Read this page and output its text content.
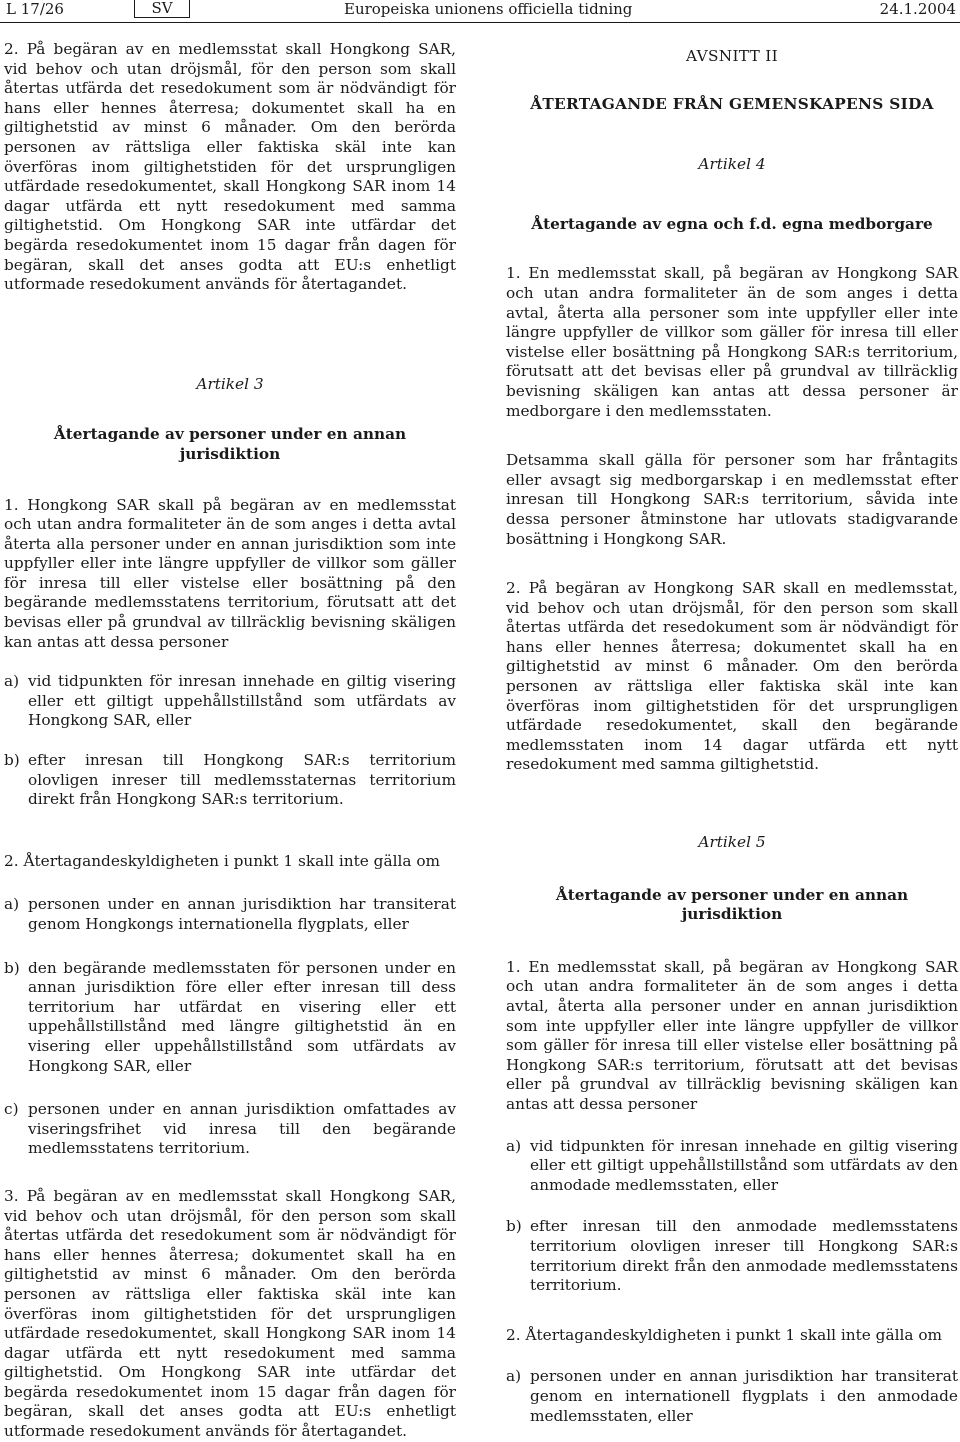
L 17/26	SV	Europeiska unionens officiella tidning	24.1.2004

2. På begäran av en medlemsstat skall Hongkong SAR, vid behov och utan dröjsmål, för den person som skall återtas utfärda det resedokument som är nödvändigt för hans eller hennes återresa; dokumentet skall ha en giltighetstid av minst 6 månader. Om den berörda personen av rättsliga eller faktiska skäl inte kan överföras inom giltighetstiden för det ursprungligen utfärdade resedokumentet, skall Hongkong SAR inom 14 dagar utfärda ett nytt resedokument med samma giltighetstid. Om Hongkong SAR inte utfärdar det begärda resedokumentet inom 15 dagar från dagen för begäran, skall det anses godta att EU:s enhetligt utformade resedokument används för återtagandet.

Artikel 3
Återtagande av personer under en annan jurisdiktion

1. Hongkong SAR skall på begäran av en medlemsstat och utan andra formaliteter än de som anges i detta avtal återta alla personer under en annan jurisdiktion som inte uppfyller eller inte längre uppfyller de villkor som gäller för inresa till eller vistelse eller bosättning på den begärande medlemsstatens territorium, förutsatt att det bevisas eller på grundval av tillräcklig bevisning skäligen kan antas att dessa personer

a) vid tidpunkten för inresan innehade en giltig visering eller ett giltigt uppehållstillstånd som utfärdats av Hongkong SAR, eller
b) efter inresan till Hongkong SAR:s territorium olovligen inreser till medlemsstaternas territorium direkt från Hongkong SAR:s territorium.

2. Återtagandeskyldigheten i punkt 1 skall inte gälla om

a) personen under en annan jurisdiktion har transiterat genom Hongkongs internationella flygplats, eller
b) den begärande medlemsstaten för personen under en annan jurisdiktion före eller efter inresan till dess territorium har utfärdat en visering eller ett uppehållstillstånd med längre giltighetstid än en visering eller uppehållstillstånd som utfärdats av Hongkong SAR, eller
c) personen under en annan jurisdiktion omfattades av viseringsfrihet vid inresa till den begärande medlemsstatens territorium.

3. På begäran av en medlemsstat skall Hongkong SAR, vid behov och utan dröjsmål, för den person som skall återtas utfärda det resedokument som är nödvändigt för hans eller hennes återresa; dokumentet skall ha en giltighetstid av minst 6 månader. Om den berörda personen av rättsliga eller faktiska skäl inte kan överföras inom giltighetstiden för det ursprungligen utfärdade resedokumentet, skall Hongkong SAR inom 14 dagar utfärda ett nytt resedokument med samma giltighetstid. Om Hongkong SAR inte utfärdar det begärda resedokumentet inom 15 dagar från dagen för begäran, skall det anses godta att EU:s enhetligt utformade resedokument används för återtagandet.

AVSNITT II
ÅTERTAGANDE FRÅN GEMENSKAPENS SIDA
Artikel 4
Återtagande av egna och f.d. egna medborgare

1. En medlemsstat skall, på begäran av Hongkong SAR och utan andra formaliteter än de som anges i detta avtal, återta alla personer som inte uppfyller eller inte längre uppfyller de villkor som gäller för inresa till eller vistelse eller bosättning på Hongkong SAR:s territorium, förutsatt att det bevisas eller på grundval av tillräcklig bevisning skäligen kan antas att dessa personer är medborgare i den medlemsstaten.

Detsamma skall gälla för personer som har fråntagits eller avsagt sig medborgarskap i en medlemsstat efter inresan till Hongkong SAR:s territorium, såvida inte dessa personer åtminstone har utlovats stadigvarande bosättning i Hongkong SAR.

2. På begäran av Hongkong SAR skall en medlemsstat, vid behov och utan dröjsmål, för den person som skall återtas utfärda det resedokument som är nödvändigt för hans eller hennes återresa; dokumentet skall ha en giltighetstid av minst 6 månader. Om den berörda personen av rättsliga eller faktiska skäl inte kan överföras inom giltighetstiden för det ursprungligen utfärdade resedokumentet, skall den begärande medlemsstaten inom 14 dagar utfärda ett nytt resedokument med samma giltighetstid.

Artikel 5
Återtagande av personer under en annan jurisdiktion

1. En medlemsstat skall, på begäran av Hongkong SAR och utan andra formaliteter än de som anges i detta avtal, återta alla personer under en annan jurisdiktion som inte uppfyller eller inte längre uppfyller de villkor som gäller för inresa till eller vistelse eller bosättning på Hongkong SAR:s territorium, förutsatt att det bevisas eller på grundval av tillräcklig bevisning skäligen kan antas att dessa personer

a) vid tidpunkten för inresan innehade en giltig visering eller ett giltigt uppehållstillstånd som utfärdats av den anmodade medlemsstaten, eller
b) efter inresan till den anmodade medlemsstatens territorium olovligen inreser till Hongkong SAR:s territorium direkt från den anmodade medlemsstatens territorium.

2. Återtagandeskyldigheten i punkt 1 skall inte gälla om

a) personen under en annan jurisdiktion har transiterat genom en internationell flygplats i den anmodade medlemsstaten, eller
